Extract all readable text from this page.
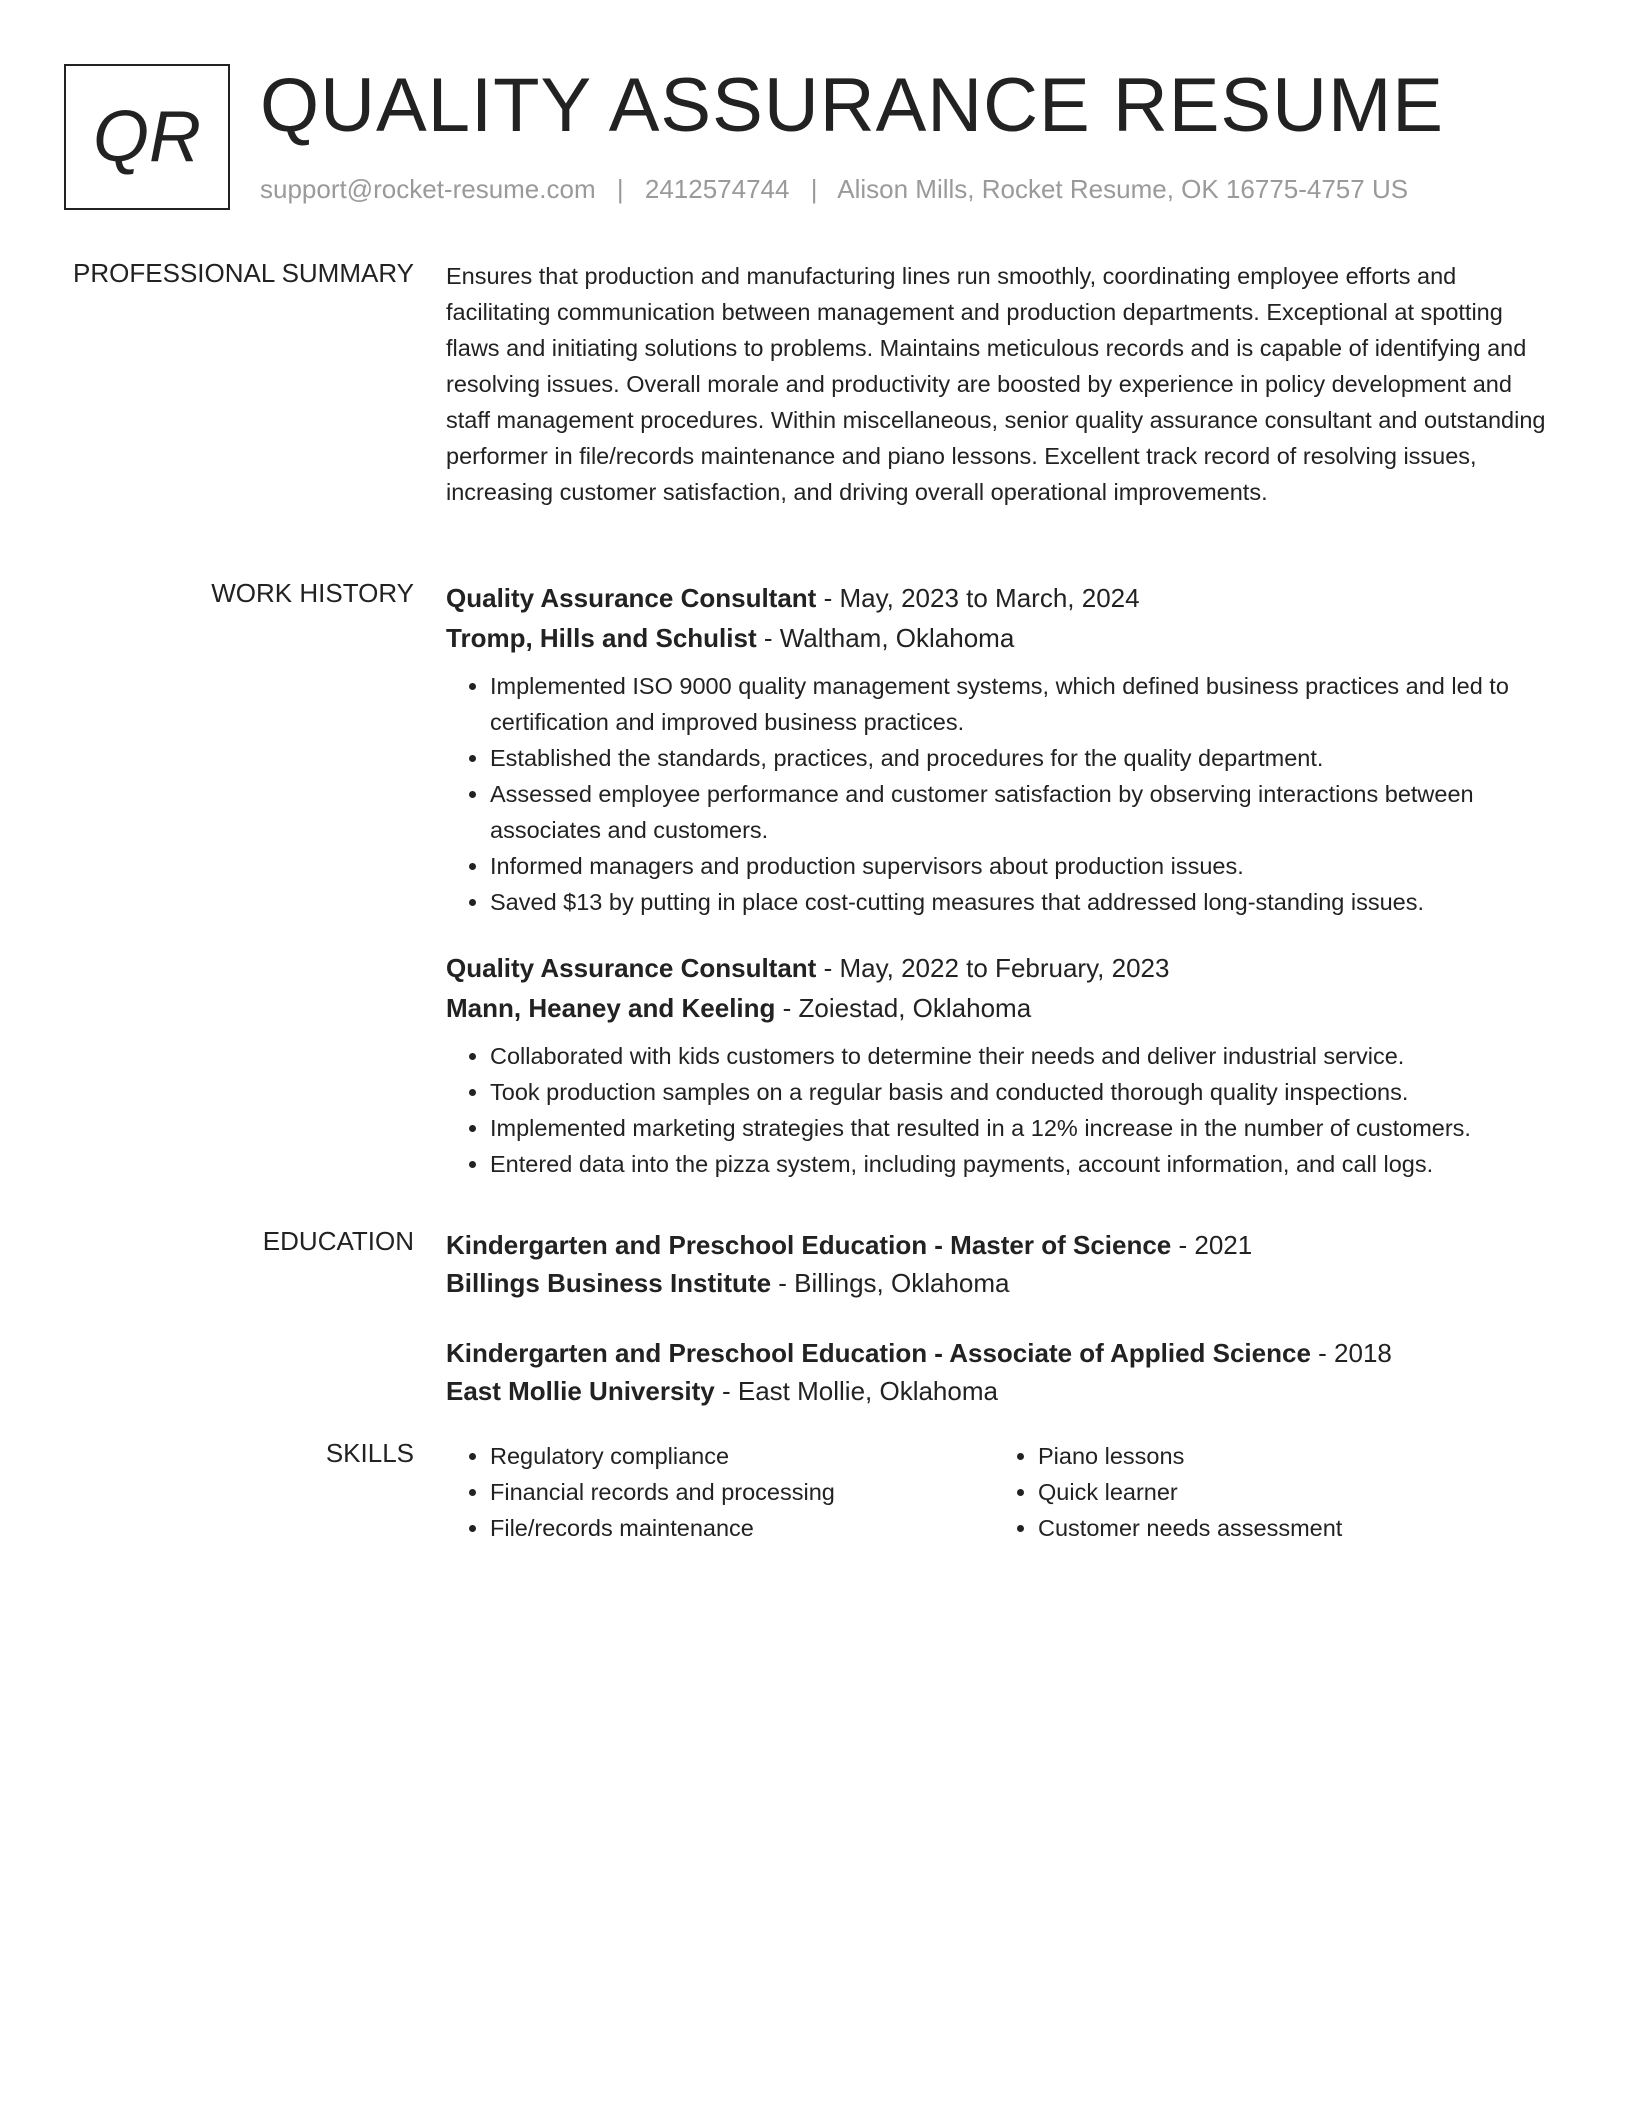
QR QUALITY ASSURANCE RESUME
support@rocket-resume.com | 2412574744 | Alison Mills, Rocket Resume, OK 16775-4757 US
PROFESSIONAL SUMMARY Ensures that production and manufacturing lines run smoothly, coordinating employee efforts and facilitating communication between management and production departments. Exceptional at spotting flaws and initiating solutions to problems. Maintains meticulous records and is capable of identifying and resolving issues. Overall morale and productivity are boosted by experience in policy development and staff management procedures. Within miscellaneous, senior quality assurance consultant and outstanding performer in file/records maintenance and piano lessons. Excellent track record of resolving issues, increasing customer satisfaction, and driving overall operational improvements.

WORK HISTORY Quality Assurance Consultant - May, 2023 to March, 2024
Tromp, Hills and Schulist - Waltham, Oklahoma
• Implemented ISO 9000 quality management systems, which defined business practices and led to certification and improved business practices.
• Established the standards, practices, and procedures for the quality department.
• Assessed employee performance and customer satisfaction by observing interactions between associates and customers.
• Informed managers and production supervisors about production issues.
• Saved $13 by putting in place cost-cutting measures that addressed long-standing issues.
Quality Assurance Consultant - May, 2022 to February, 2023
Mann, Heaney and Keeling - Zoiestad, Oklahoma
• Collaborated with kids customers to determine their needs and deliver industrial service.
• Took production samples on a regular basis and conducted thorough quality inspections.
• Implemented marketing strategies that resulted in a 12% increase in the number of customers.
• Entered data into the pizza system, including payments, account information, and call logs.
EDUCATION Kindergarten and Preschool Education - Master of Science - 2021
Billings Business Institute - Billings, Oklahoma
Kindergarten and Preschool Education - Associate of Applied Science - 2018
East Mollie University - East Mollie, Oklahoma
SKILLS
•	Regulatory compliance
• Financial records and processing
• File/records maintenance
• Piano lessons
• Quick learner
• Customer needs assessment
